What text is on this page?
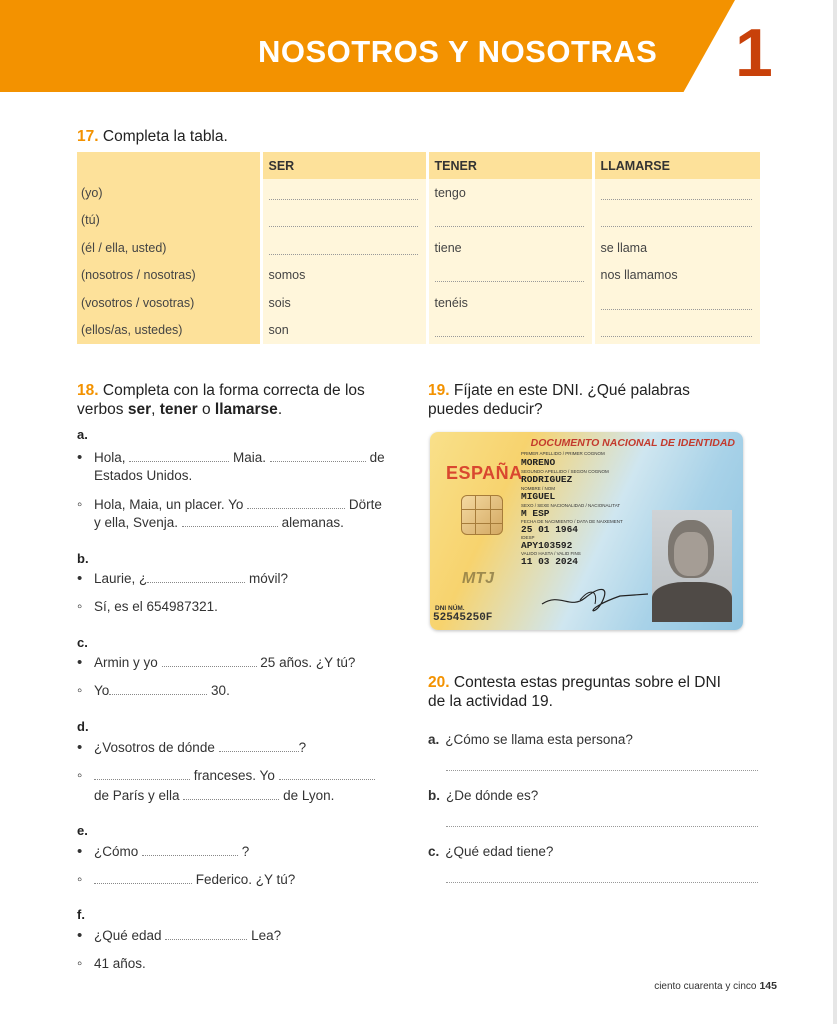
NOSOTROS Y NOSOTRAS 1
17. Completa la tabla.
	SER	TENER	LLAMARSE
(yo)		tengo	

(tú)	

(él / ella, usted)		tiene	se llama
(nosotros / nosotras)	somos		nos llamamos
(vosotros / vosotras)	sois	tenéis	

(ellos/as, ustedes)	son	

18. Completa con la forma correcta de los
verbos ser, tener o llamarse.
a.
•Hola,	Maia.	de
Estados Unidos.
◦Hola, Maia, un placer. Yo	Dörte
y ella, Svenja.	alemanas.
b.
•Laurie, ¿	móvil?
◦Sí, es el 654987321.
c.
•Armin y yo	25 años. ¿Y tú?
◦Yo	30.
d.
•¿Vosotros de dónde	?
◦ franceses. Yo
de París y ella	de Lyon.
e.
•¿Cómo	?
◦ Federico. ¿Y tú?
f.
•¿Qué edad	Lea?
◦41 años.
19. Fíjate en este DNI. ¿Qué palabras
puedes deducir?
DOCUMENTO NACIONAL DE IDENTIDAD
ESPAÑA
PRIMER APELLIDO / PRIMER COGNOM
MORENO
SEGUNDO APELLIDO / SEGON COGNOM
RODRIGUEZ
NOMBRE / NOM
MIGUEL
SEXO / SEXE NACIONALIDAD / NACIONALITAT
M ESP
FECHA DE NACIMIENTO / DATA DE NAIXEMENT
25 01 1964
IDESP
APY103592
VALIDO HASTA / VALID FINS
11 03 2024
MTJ
DNI NÚM.
52545250F
20. Contesta estas preguntas sobre el DNI
de la actividad 19.
a. ¿Cómo se llama esta persona?
b. ¿De dónde es?
c. ¿Qué edad tiene?
ciento cuarenta y cinco 145
